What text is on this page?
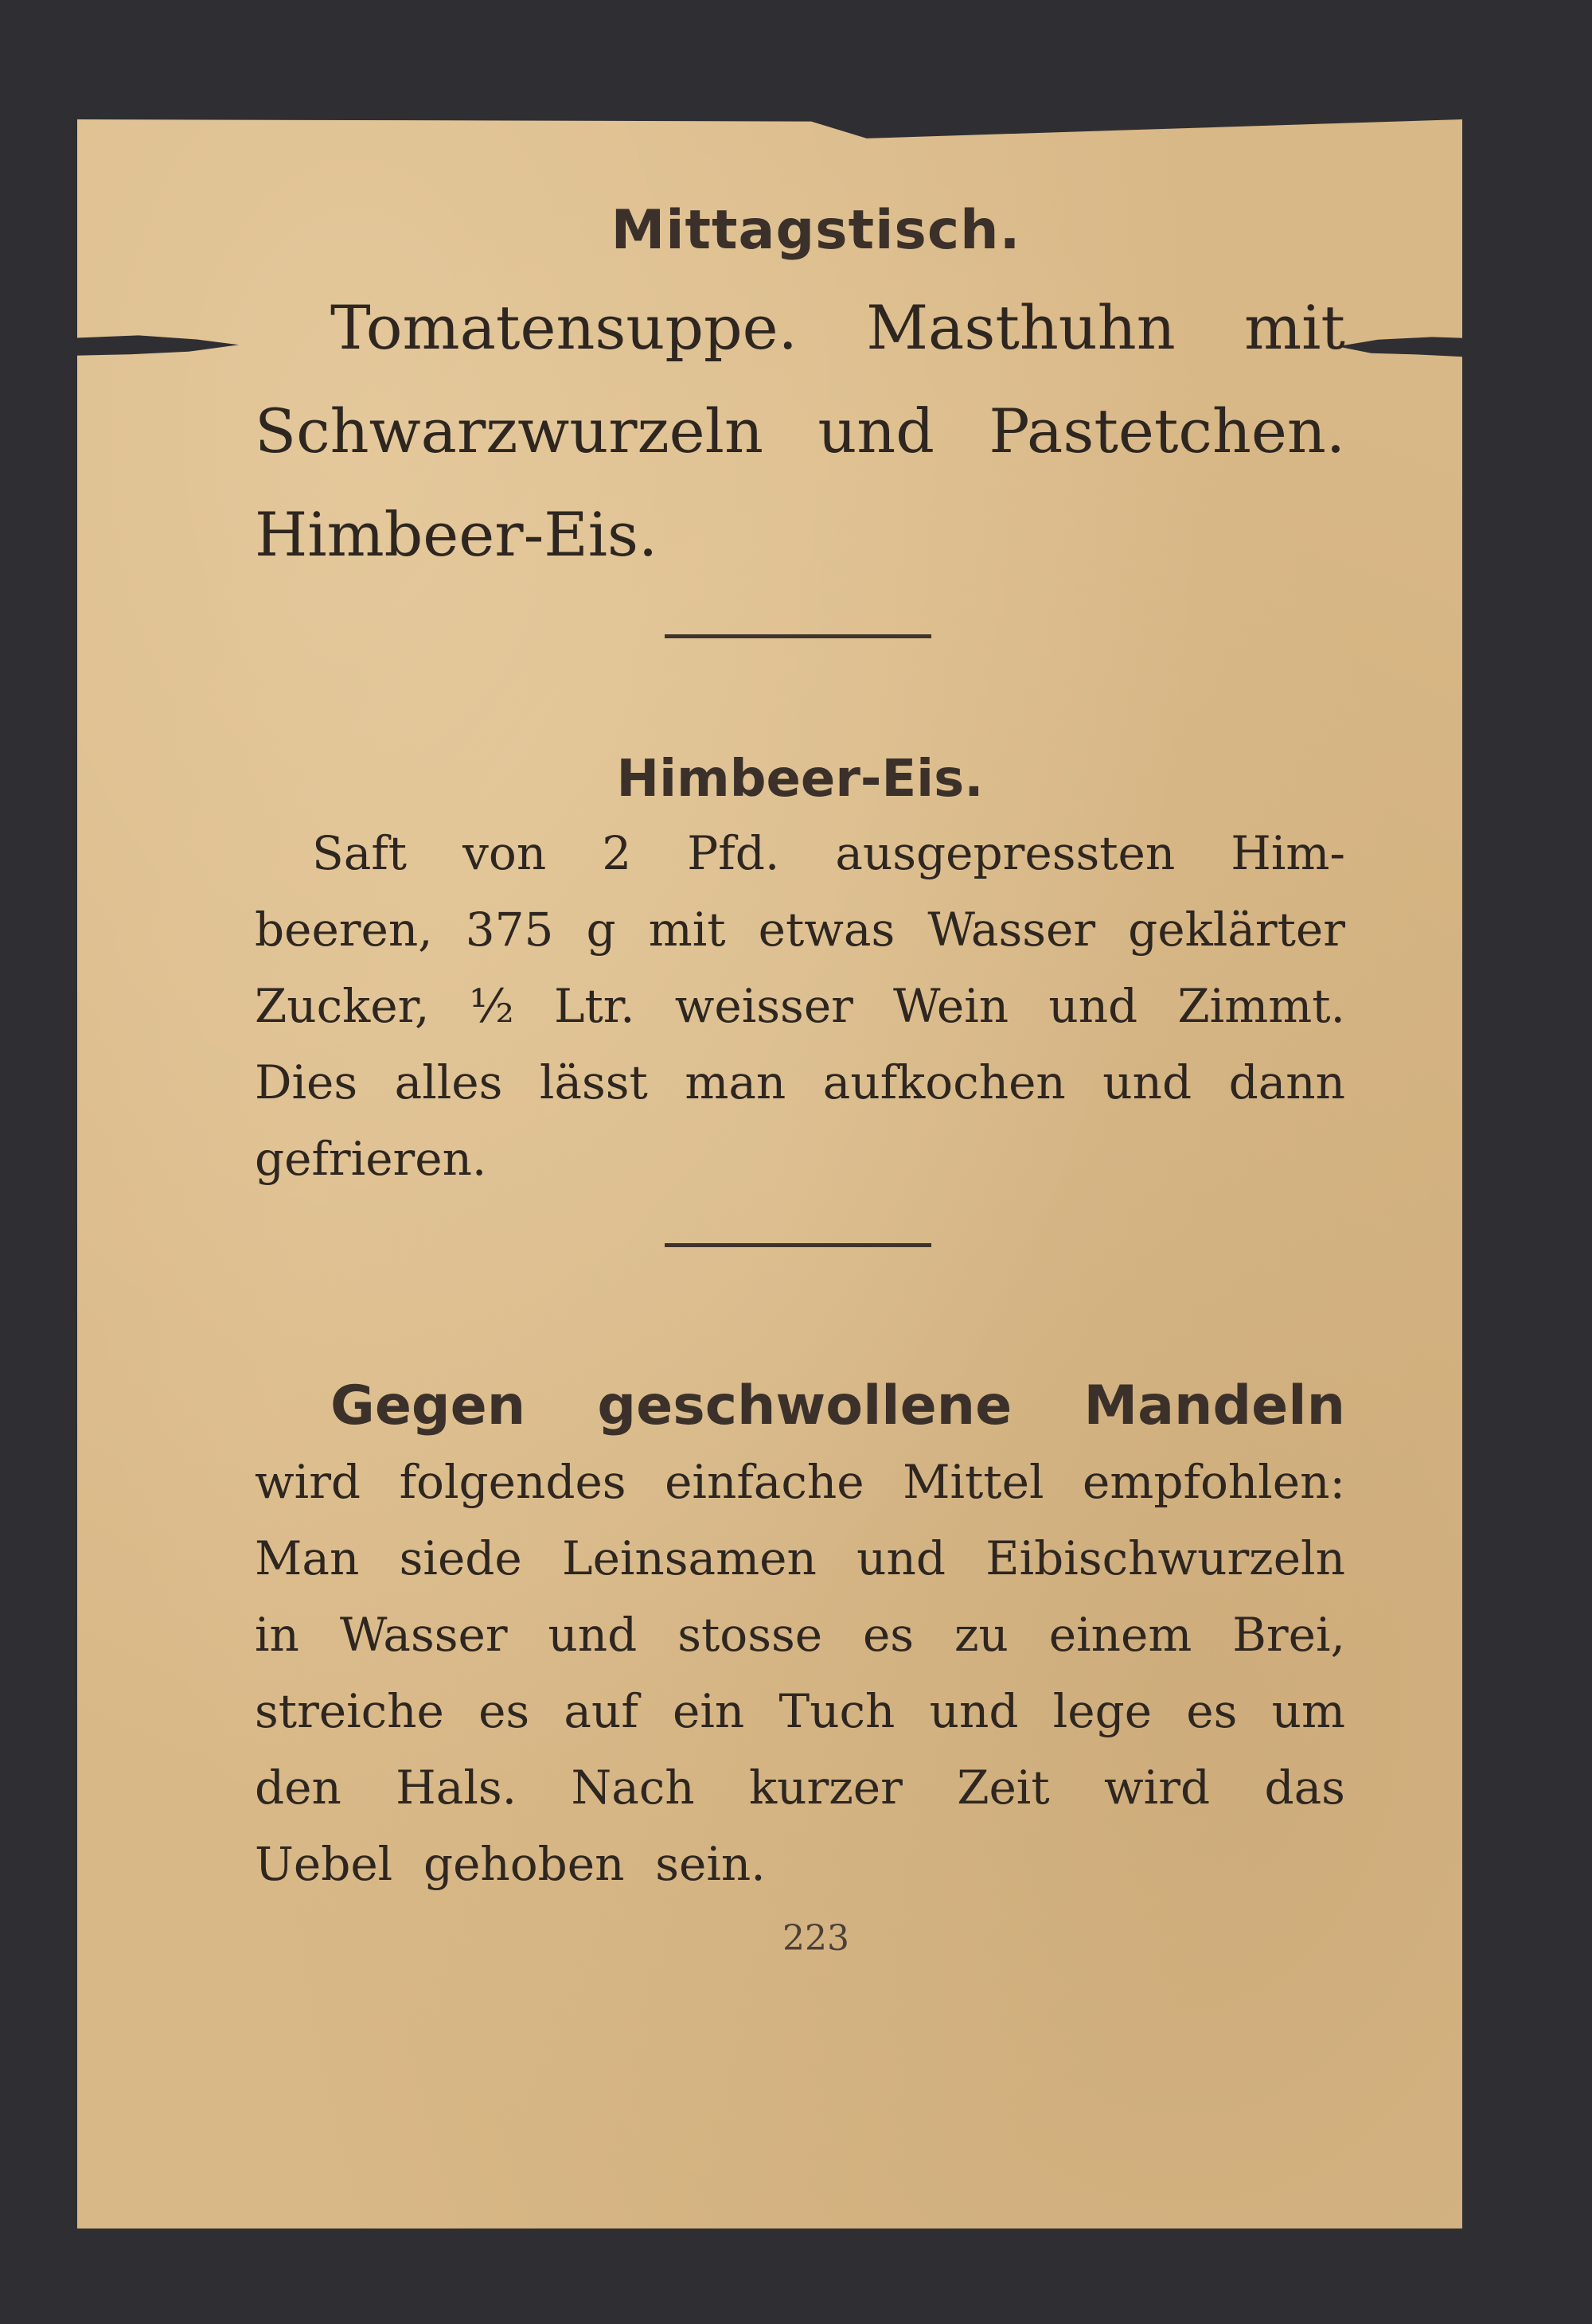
Mittagstisch.
Tomatensuppe. Masthuhn mit
Schwarzwurzeln und Pastetchen.
Himbeer-Eis.
Himbeer-Eis.
Saft von 2 Pfd. ausgepressten Him-
beeren, 375 g mit etwas Wasser geklärter
Zucker, ½ Ltr. weisser Wein und Zimmt.
Dies alles lässt man aufkochen und dann
gefrieren.
Gegen geschwollene Mandeln
wird folgendes einfache Mittel empfohlen:
Man siede Leinsamen und Eibischwurzeln
in Wasser und stosse es zu einem Brei,
streiche es auf ein Tuch und lege es um
den Hals. Nach kurzer Zeit wird das
Uebel gehoben sein.
223
